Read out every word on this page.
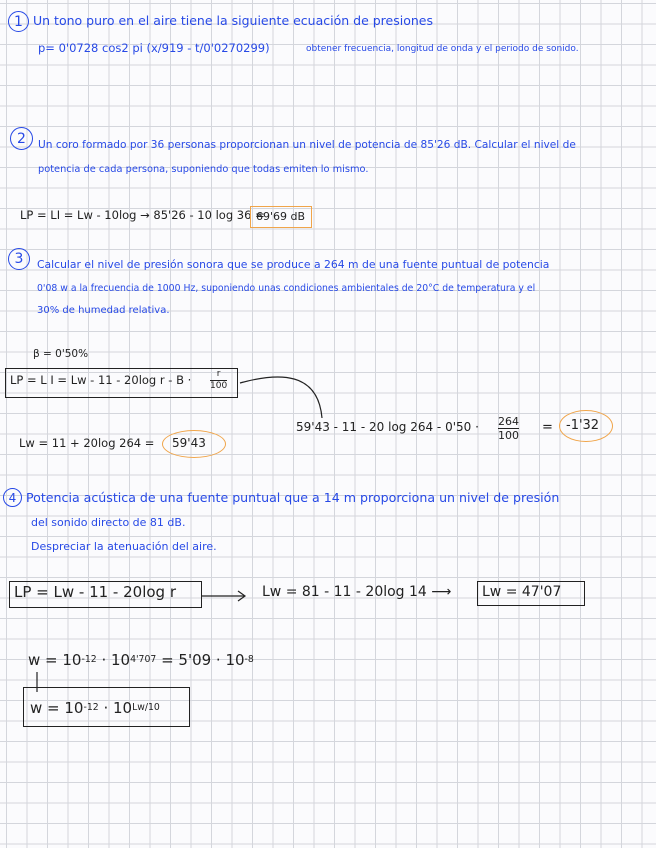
1 Un tono puro en el aire tiene la siguiente ecuación de presiones
p= 0'0728 cos2 pi (x/919 - t/0'0270299)	obtener frecuencia, longitud de onda y el periodo de sonido.
2 Un coro formado por 36 personas proporcionan un nivel de potencia de 85'26 dB. Calcular el nivel de
potencia de cada persona, suponiendo que todas emiten lo mismo.
LP = LI = Lw - 10log → 85'26 - 10 log 36 =
69'69 dB
3 Calcular el nivel de presión sonora que se produce a 264 m de una fuente puntual de potencia
0'08 w a la frecuencia de 1000 Hz, suponiendo unas condiciones ambientales de 20°C de temperatura y el
30% de humedad relativa.
β = 0'50%
LP = L I = Lw - 11 - 20log r - B ·	r
100
Lw = 11 + 20log 264 = 59'43
59'43 - 11 - 20 log 264 - 0'50 · 264
100
= -1'32
4 Potencia acústica de una fuente puntual que a 14 m proporciona un nivel de presión
del sonido directo de 81 dB.
Despreciar la atenuación del aire.
LP = Lw - 11 - 20log r	Lw = 81 - 11 - 20log 14 ⟶ Lw = 47'07
$w = 10^{-12} \cdot 10^{4'707} = 5'09 \cdot 10^{-8}$
$w = 10^{-12} \cdot 10^{Lw/10}$
